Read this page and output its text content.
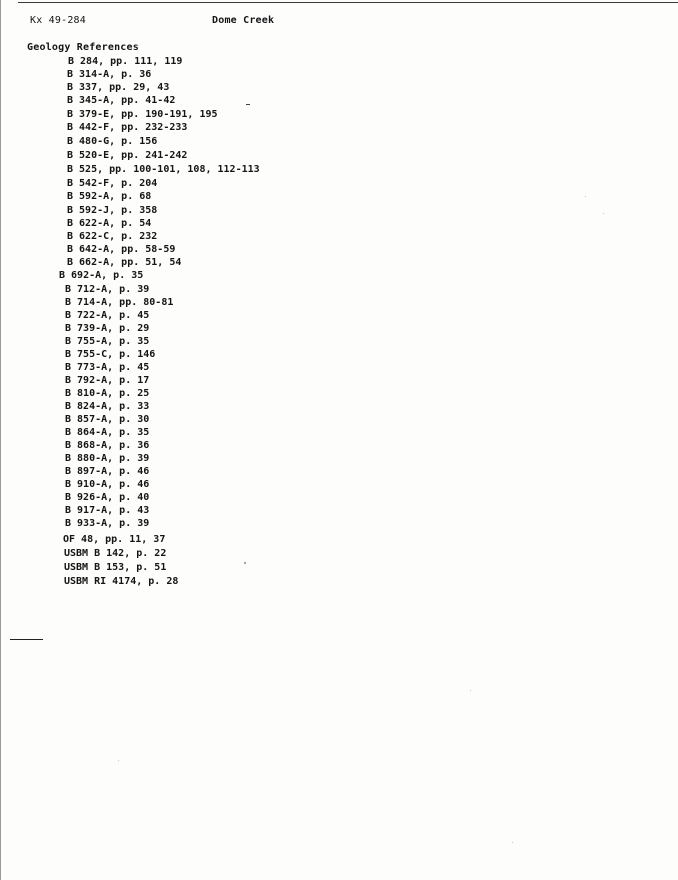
Kx 49-284	Dome Creek
Geology References
B 284, pp. 111, 119
B 314-A, p. 36
B 337, pp. 29, 43
B 345-A, pp. 41-42
B 379-E, pp. 190-191, 195
B 442-F, pp. 232-233
B 480-G, p. 156
B 520-E, pp. 241-242
B 525, pp. 100-101, 108, 112-113
B 542-F, p. 204
B 592-A, p. 68
B 592-J, p. 358
B 622-A, p. 54
B 622-C, p. 232
B 642-A, pp. 58-59
B 662-A, pp. 51, 54
B 692-A, p. 35
B 712-A, p. 39
B 714-A, pp. 80-81
B 722-A, p. 45
B 739-A, p. 29
B 755-A, p. 35
B 755-C, p. 146
B 773-A, p. 45
B 792-A, p. 17
B 810-A, p. 25
B 824-A, p. 33
B 857-A, p. 30
B 864-A, p. 35
B 868-A, p. 36
B 880-A, p. 39
B 897-A, p. 46
B 910-A, p. 46
B 926-A, p. 40
B 917-A, p. 43
B 933-A, p. 39
OF 48, pp. 11, 37
USBM B 142, p. 22
USBM B 153, p. 51
USBM RI 4174, p. 28
